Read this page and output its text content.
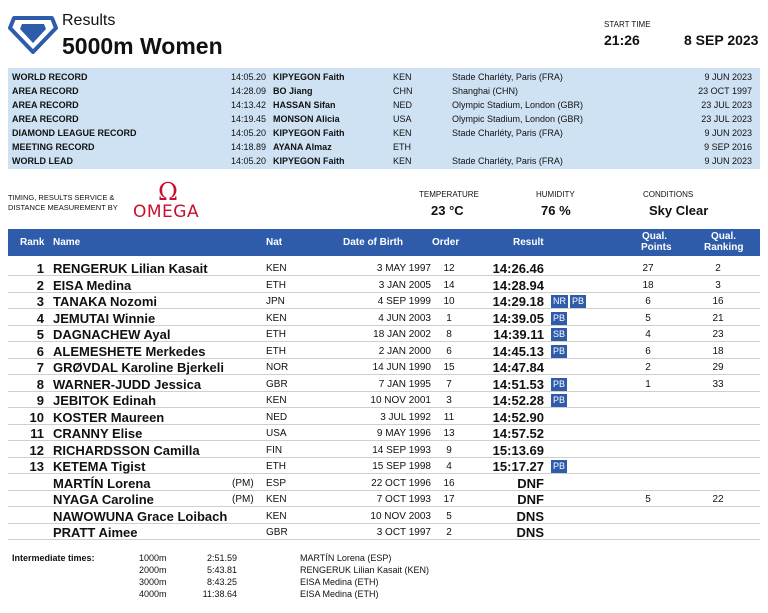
Results
5000m Women
START TIME
21:26	8 SEP 2023
WORLD RECORD	14:05.20 KIPYEGON Faith	KEN	Stade Charléty, Paris (FRA)	9 JUN 2023
AREA RECORD	14:28.09 BO Jiang	CHN	Shanghai (CHN)	23 OCT 1997
AREA RECORD	14:13.42 HASSAN Sifan	NED	Olympic Stadium, London (GBR)	23 JUL 2023
AREA RECORD	14:19.45 MONSON Alicia	USA	Olympic Stadium, London (GBR)	23 JUL 2023
DIAMOND LEAGUE RECORD	14:05.20 KIPYEGON Faith	KEN	Stade Charléty, Paris (FRA)	9 JUN 2023
MEETING RECORD	14:18.89 AYANA Almaz	ETH	9 SEP 2016
WORLD LEAD	14:05.20 KIPYEGON Faith	KEN	Stade Charléty, Paris (FRA)	9 JUN 2023
TIMING, RESULTS SERVICE & DISTANCE MEASUREMENT BY
Ω
OMEGA
TEMPERATURE
23 °C
HUMIDITY
76 %
CONDITIONS
Sky Clear
Rank Name	Nat	Date of Birth	Order	Result
Qual.
Points
Qual.
Ranking
1 RENGERUK Lilian Kasait	KEN	3 MAY 1997	12	14:26.46	27	2
2 EISA Medina	ETH	3 JAN 2005	14	14:28.94	18	3
3 TANAKA Nozomi	JPN	4 SEP 1999	10	14:29.18	6	16
NR PB
4 JEMUTAI Winnie	KEN	4 JUN 2003	1	14:39.05	5	21
PB
5 DAGNACHEW Ayal	ETH	18 JAN 2002	8	14:39.11	4	23
SB
6 ALEMESHETE Merkedes	ETH	2 JAN 2000	6	14:45.13	6	18
PB
7 GRØVDAL Karoline Bjerkeli	NOR	14 JUN 1990	15	14:47.84	2	29
8 WARNER-JUDD Jessica	GBR	7 JAN 1995	7	14:51.53	1	33
PB
9 JEBITOK Edinah	KEN	10 NOV 2001	3	14:52.28 PB
10 KOSTER Maureen	NED	3 JUL 1992	11	14:52.90
11 CRANNY Elise	USA	9 MAY 1996	13	14:57.52
12 RICHARDSSON Camilla	FIN	14 SEP 1993	9	15:13.69
13 KETEMA Tigist	ETH	15 SEP 1998	4	15:17.27 PB
MARTÍN Lorena	(PM) ESP	22 OCT 1996	16	DNF
NYAGA Caroline	(PM) KEN	7 OCT 1993	17	DNF	5	22
NAWOWUNA Grace Loibach	KEN	10 NOV 2003	5	DNS
PRATT Aimee	GBR	3 OCT 1997	2	DNS
Intermediate times:	1000m	2:51.59	MARTÍN Lorena (ESP)
2000m	5:43.81	RENGERUK Lilian Kasait (KEN)
3000m	8:43.25	EISA Medina (ETH)
4000m	11:38.64	EISA Medina (ETH)
